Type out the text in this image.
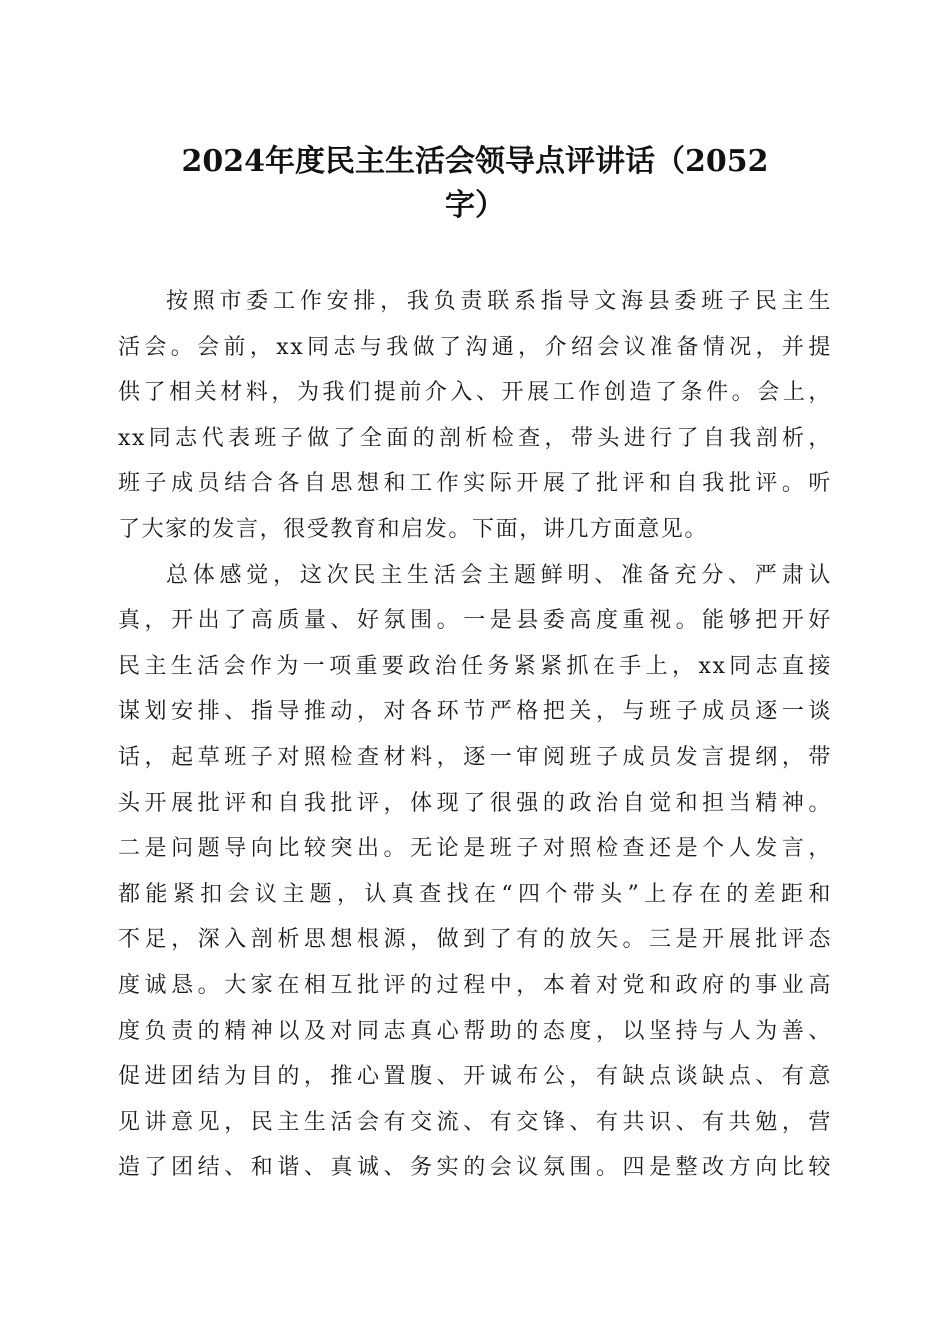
2024年度民主生活会领导点评讲话（2052
字）
按照市委工作安排，我负责联系指导文海县委班子民主生
活会。会前，xx同志与我做了沟通，介绍会议准备情况，并提
供了相关材料，为我们提前介入、开展工作创造了条件。会上，
xx同志代表班子做了全面的剖析检查，带头进行了自我剖析，
班子成员结合各自思想和工作实际开展了批评和自我批评。听
了大家的发言，很受教育和启发。下面，讲几方面意见。
总体感觉，这次民主生活会主题鲜明、准备充分、严肃认
真，开出了高质量、好氛围。一是县委高度重视。能够把开好
民主生活会作为一项重要政治任务紧紧抓在手上，xx同志直接
谋划安排、指导推动，对各环节严格把关，与班子成员逐一谈
话，起草班子对照检查材料，逐一审阅班子成员发言提纲，带
头开展批评和自我批评，体现了很强的政治自觉和担当精神。
二是问题导向比较突出。无论是班子对照检查还是个人发言，
都能紧扣会议主题，认真查找在“四个带头”上存在的差距和
不足，深入剖析思想根源，做到了有的放矢。三是开展批评态
度诚恳。大家在相互批评的过程中，本着对党和政府的事业高
度负责的精神以及对同志真心帮助的态度，以坚持与人为善、
促进团结为目的，推心置腹、开诚布公，有缺点谈缺点、有意
见讲意见，民主生活会有交流、有交锋、有共识、有共勉，营
造了团结、和谐、真诚、务实的会议氛围。四是整改方向比较
